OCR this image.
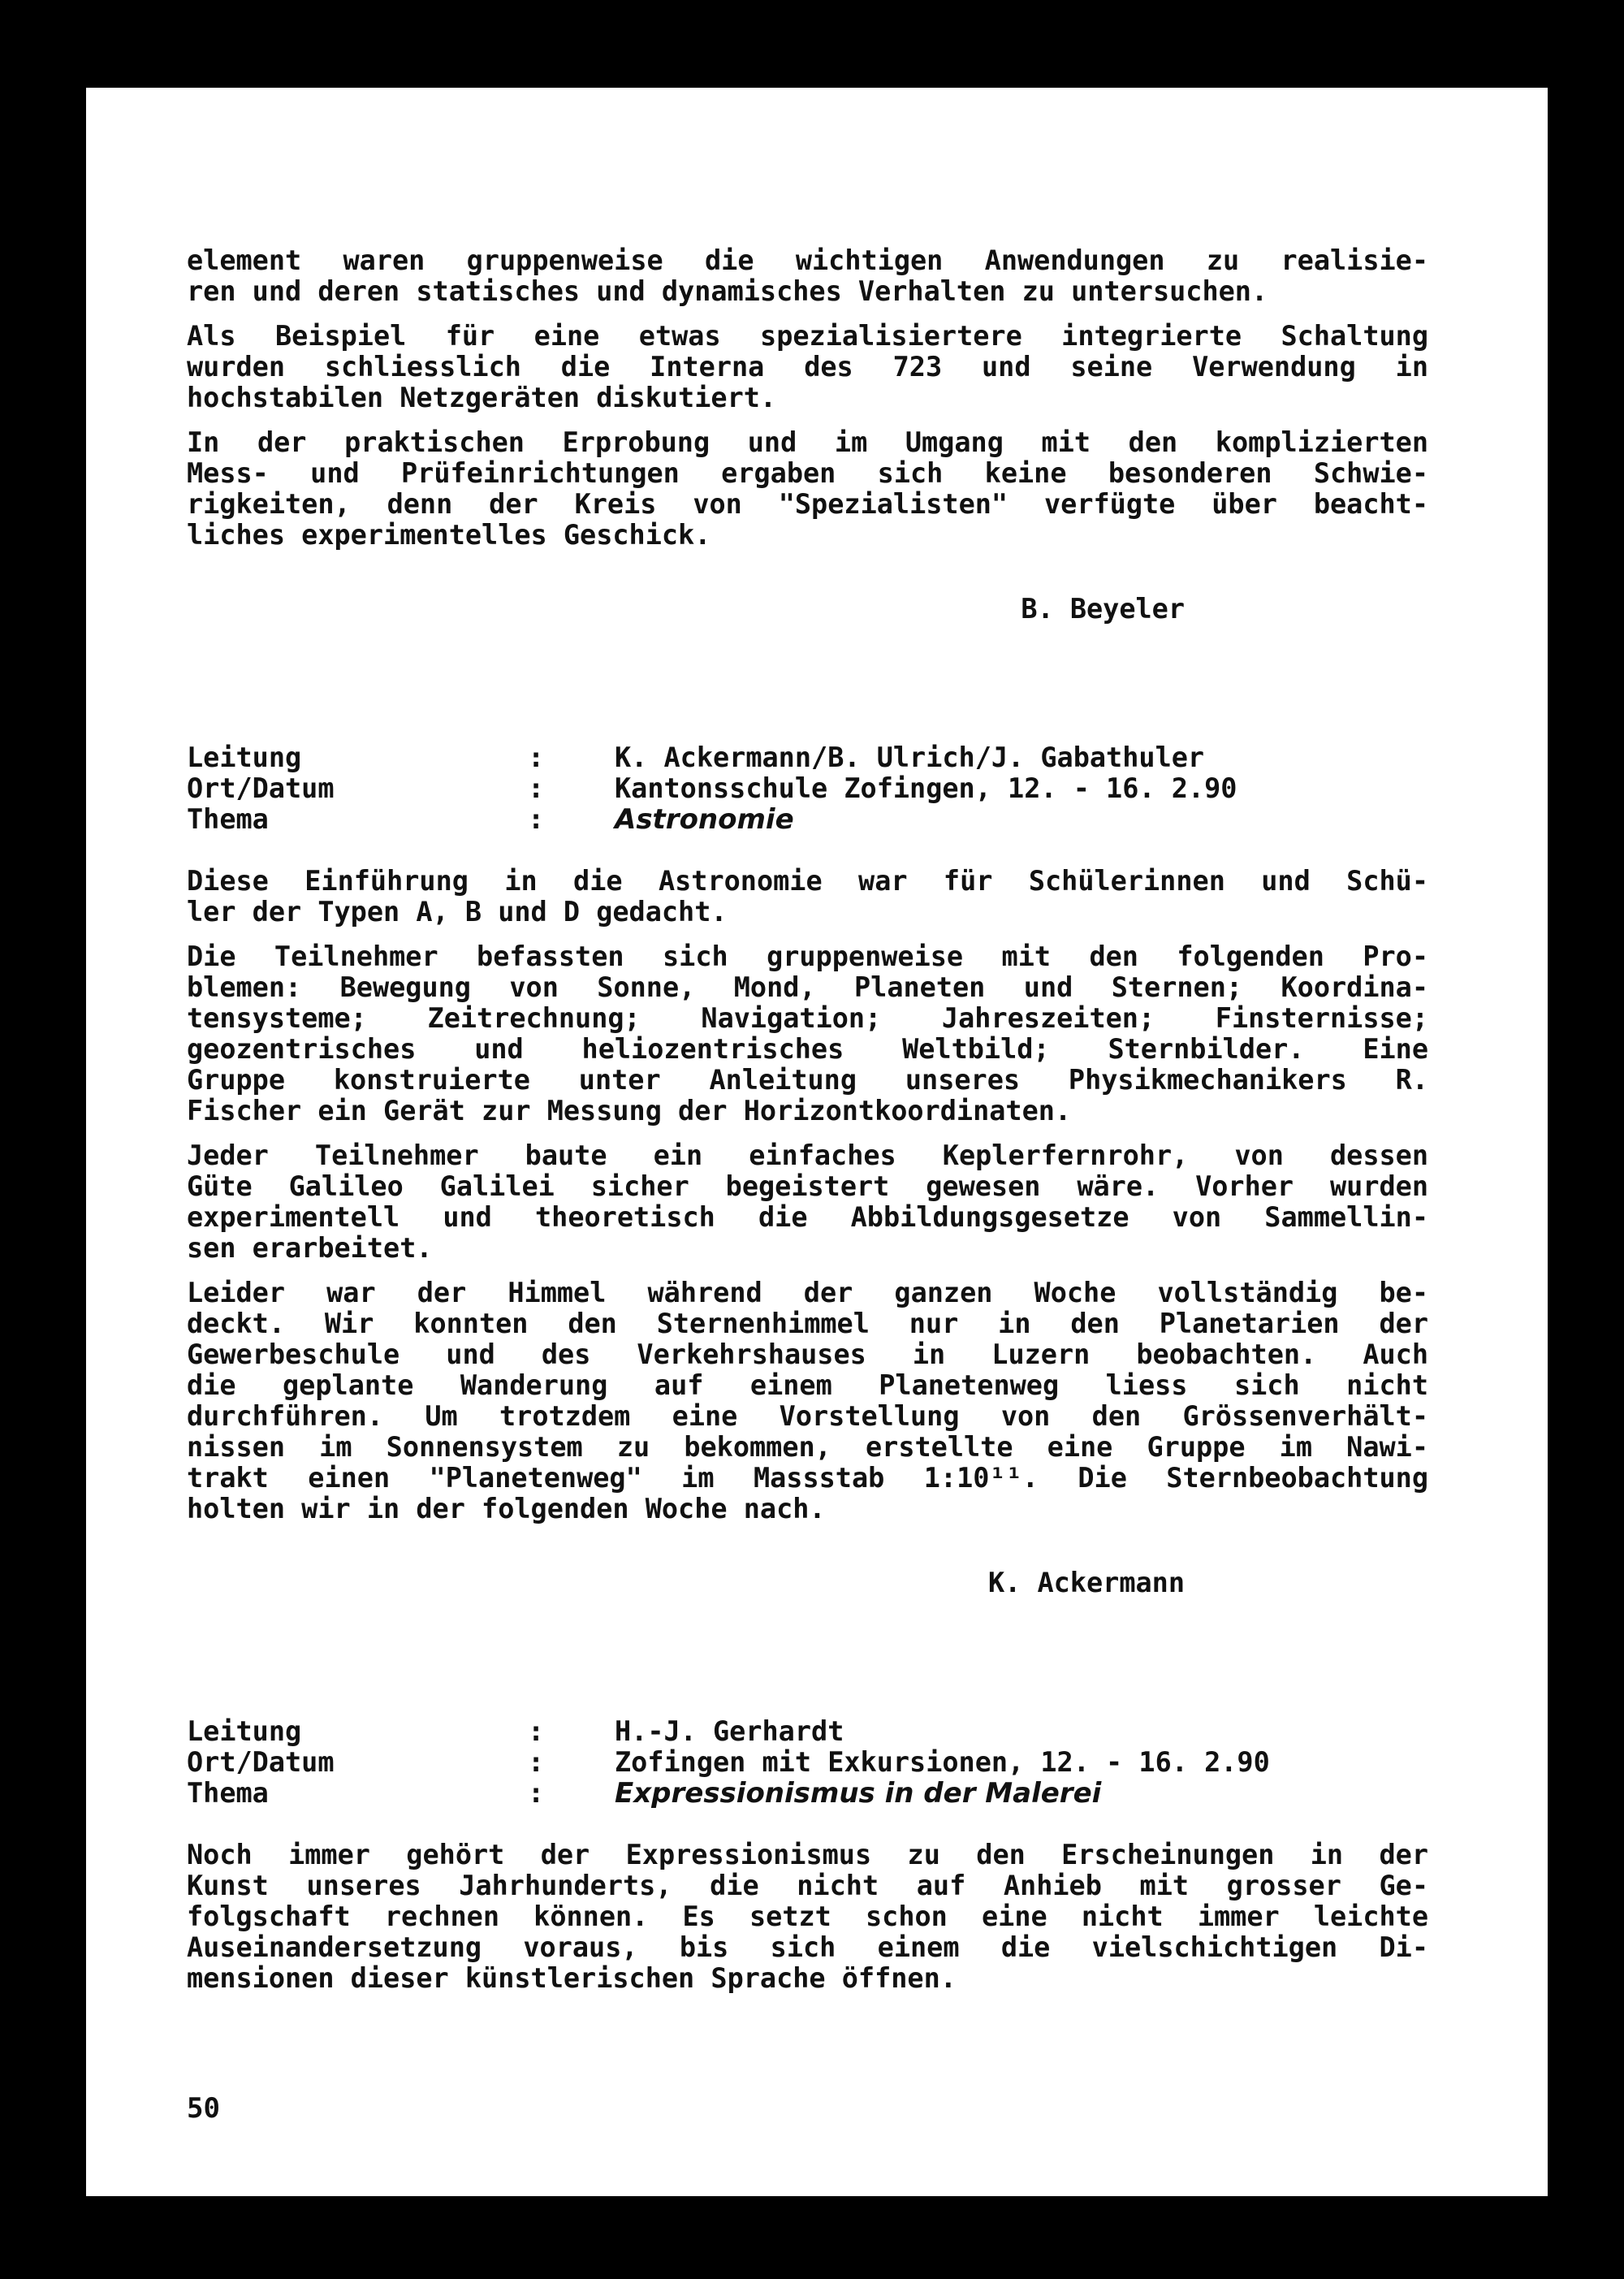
element waren gruppenweise die wichtigen Anwendungen zu realisie-
ren und deren statisches und dynamisches Verhalten zu untersuchen.

Als Beispiel für eine etwas spezialisiertere integrierte Schaltung
wurden schliesslich die Interna des 723 und seine Verwendung in
hochstabilen Netzgeräten diskutiert.

In der praktischen Erprobung und im Umgang mit den komplizierten
Mess- und Prüfeinrichtungen ergaben sich keine besonderen Schwie-
rigkeiten, denn der Kreis von "Spezialisten" verfügte über beacht-
liches experimentelles Geschick.

B. Beyeler
Leitung	:	K. Ackermann/B. Ulrich/J. Gabathuler
Ort/Datum	:	Kantonsschule Zofingen, 12. - 16. 2.90
Thema	:	Astronomie

Diese Einführung in die Astronomie war für Schülerinnen und Schü-
ler der Typen A, B und D gedacht.

Die Teilnehmer befassten sich gruppenweise mit den folgenden Pro-
blemen: Bewegung von Sonne, Mond, Planeten und Sternen; Koordina-
tensysteme; Zeitrechnung; Navigation; Jahreszeiten; Finsternisse;
geozentrisches und heliozentrisches Weltbild; Sternbilder. Eine
Gruppe konstruierte unter Anleitung unseres Physikmechanikers R.
Fischer ein Gerät zur Messung der Horizontkoordinaten.

Jeder Teilnehmer baute ein einfaches Keplerfernrohr, von dessen
Güte Galileo Galilei sicher begeistert gewesen wäre. Vorher wurden
experimentell und theoretisch die Abbildungsgesetze von Sammellin-
sen erarbeitet.

Leider war der Himmel während der ganzen Woche vollständig be-
deckt. Wir konnten den Sternenhimmel nur in den Planetarien der
Gewerbeschule und des Verkehrshauses in Luzern beobachten. Auch
die geplante Wanderung auf einem Planetenweg liess sich nicht
durchführen. Um trotzdem eine Vorstellung von den Grössenverhält-
nissen im Sonnensystem zu bekommen, erstellte eine Gruppe im Nawi-
trakt einen "Planetenweg" im Massstab 1:10¹¹. Die Sternbeobachtung
holten wir in der folgenden Woche nach.

K. Ackermann
Leitung	:	H.-J. Gerhardt
Ort/Datum	:	Zofingen mit Exkursionen, 12. - 16. 2.90
Thema	:	Expressionismus in der Malerei

Noch immer gehört der Expressionismus zu den Erscheinungen in der
Kunst unseres Jahrhunderts, die nicht auf Anhieb mit grosser Ge-
folgschaft rechnen können. Es setzt schon eine nicht immer leichte
Auseinandersetzung voraus, bis sich einem die vielschichtigen Di-
mensionen dieser künstlerischen Sprache öffnen.

50
